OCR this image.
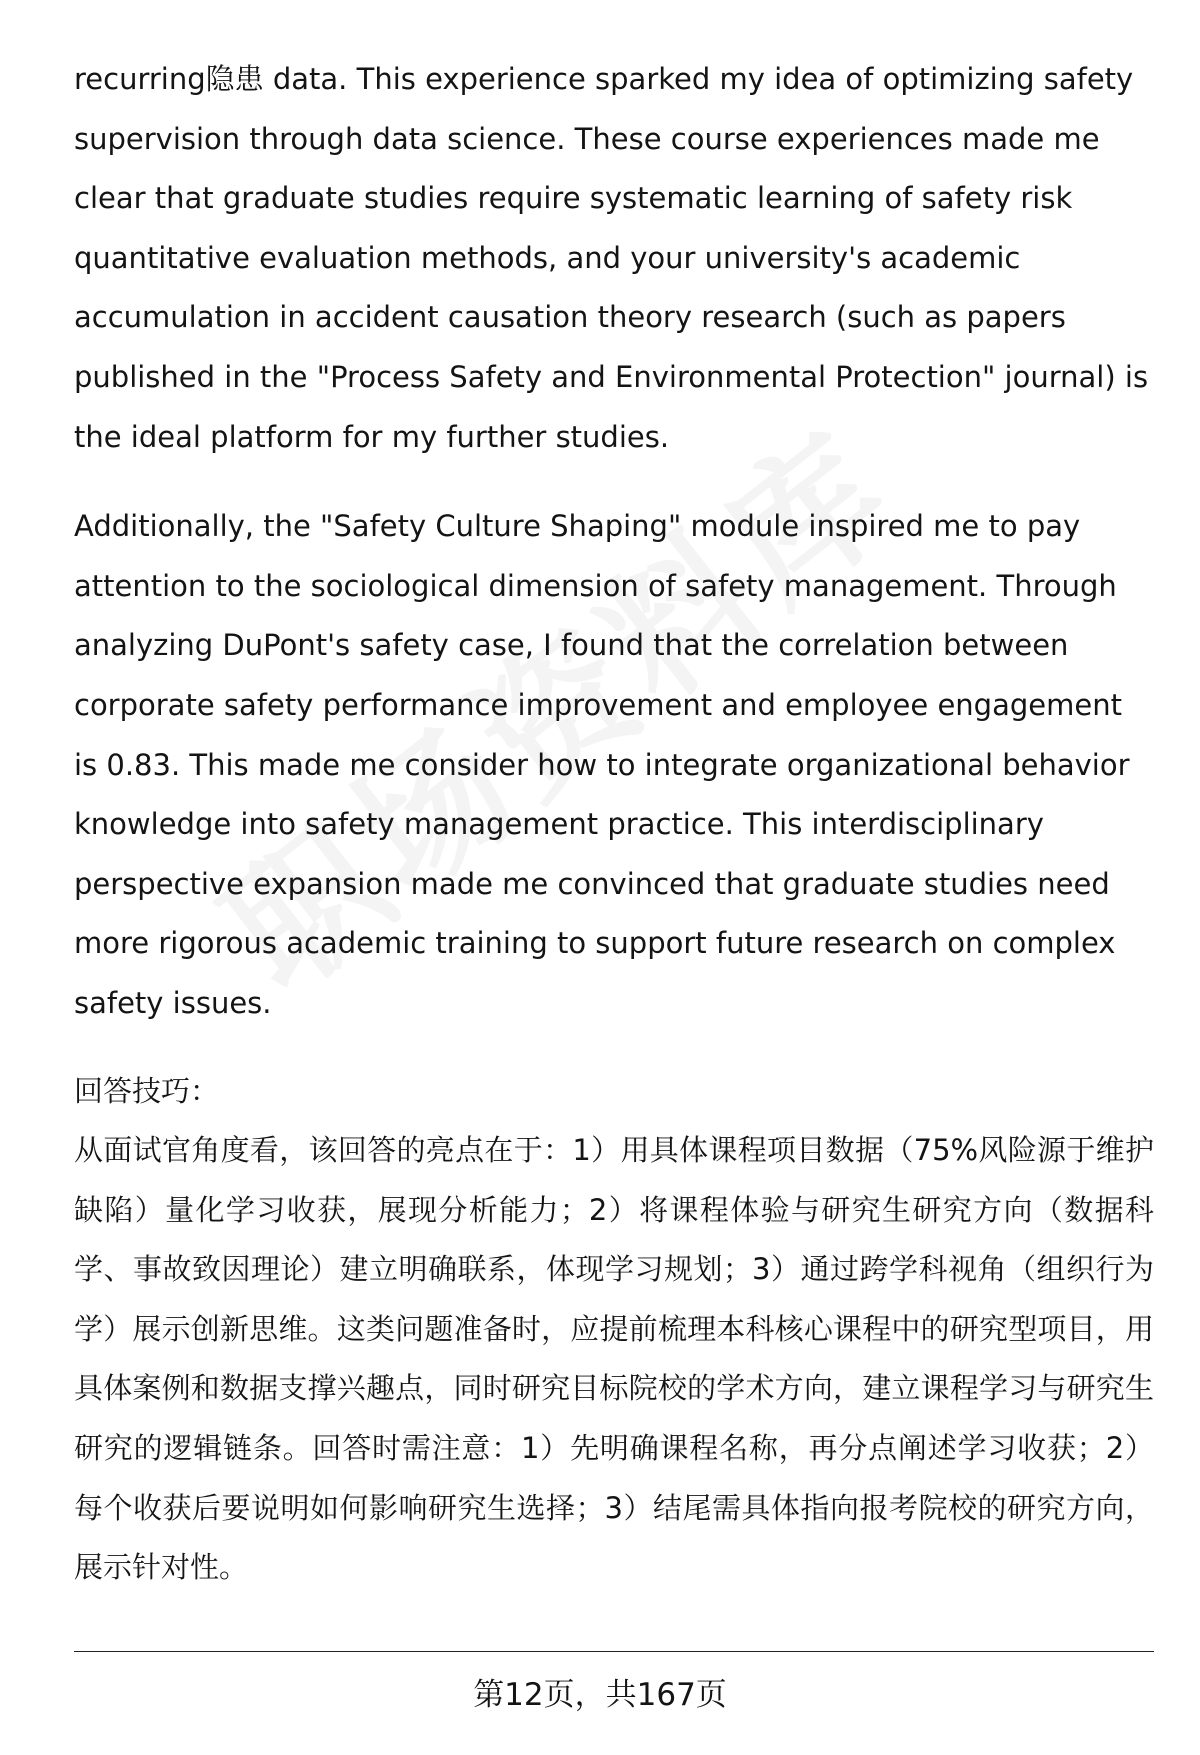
recurring隐患 data. This experience sparked my idea of optimizing safety supervision through data science. These course experiences made me clear that graduate studies require systematic learning of safety risk quantitative evaluation methods, and your university's academic accumulation in accident causation theory research (such as papers published in the "Process Safety and Environmental Protection" journal) is the ideal platform for my further studies.

Additionally, the "Safety Culture Shaping" module inspired me to pay attention to the sociological dimension of safety management. Through analyzing DuPont's safety case, I found that the correlation between corporate safety performance improvement and employee engagement is 0.83. This made me consider how to integrate organizational behavior knowledge into safety management practice. This interdisciplinary perspective expansion made me convinced that graduate studies need more rigorous academic training to support future research on complex safety issues.

回答技巧：

从面试官角度看，该回答的亮点在于：1）用具体课程项目数据（75%风险源于维护缺陷）量化学习收获，展现分析能力；2）将课程体验与研究生研究方向（数据科学、事故致因理论）建立明确联系，体现学习规划；3）通过跨学科视角（组织行为学）展示创新思维。这类问题准备时，应提前梳理本科核心课程中的研究型项目，用具体案例和数据支撑兴趣点，同时研究目标院校的学术方向，建立课程学习与研究生研究的逻辑链条。回答时需注意：1）先明确课程名称，再分点阐述学习收获；2）每个收获后要说明如何影响研究生选择；3）结尾需具体指向报考院校的研究方向，展示针对性。

第12页，共167页
